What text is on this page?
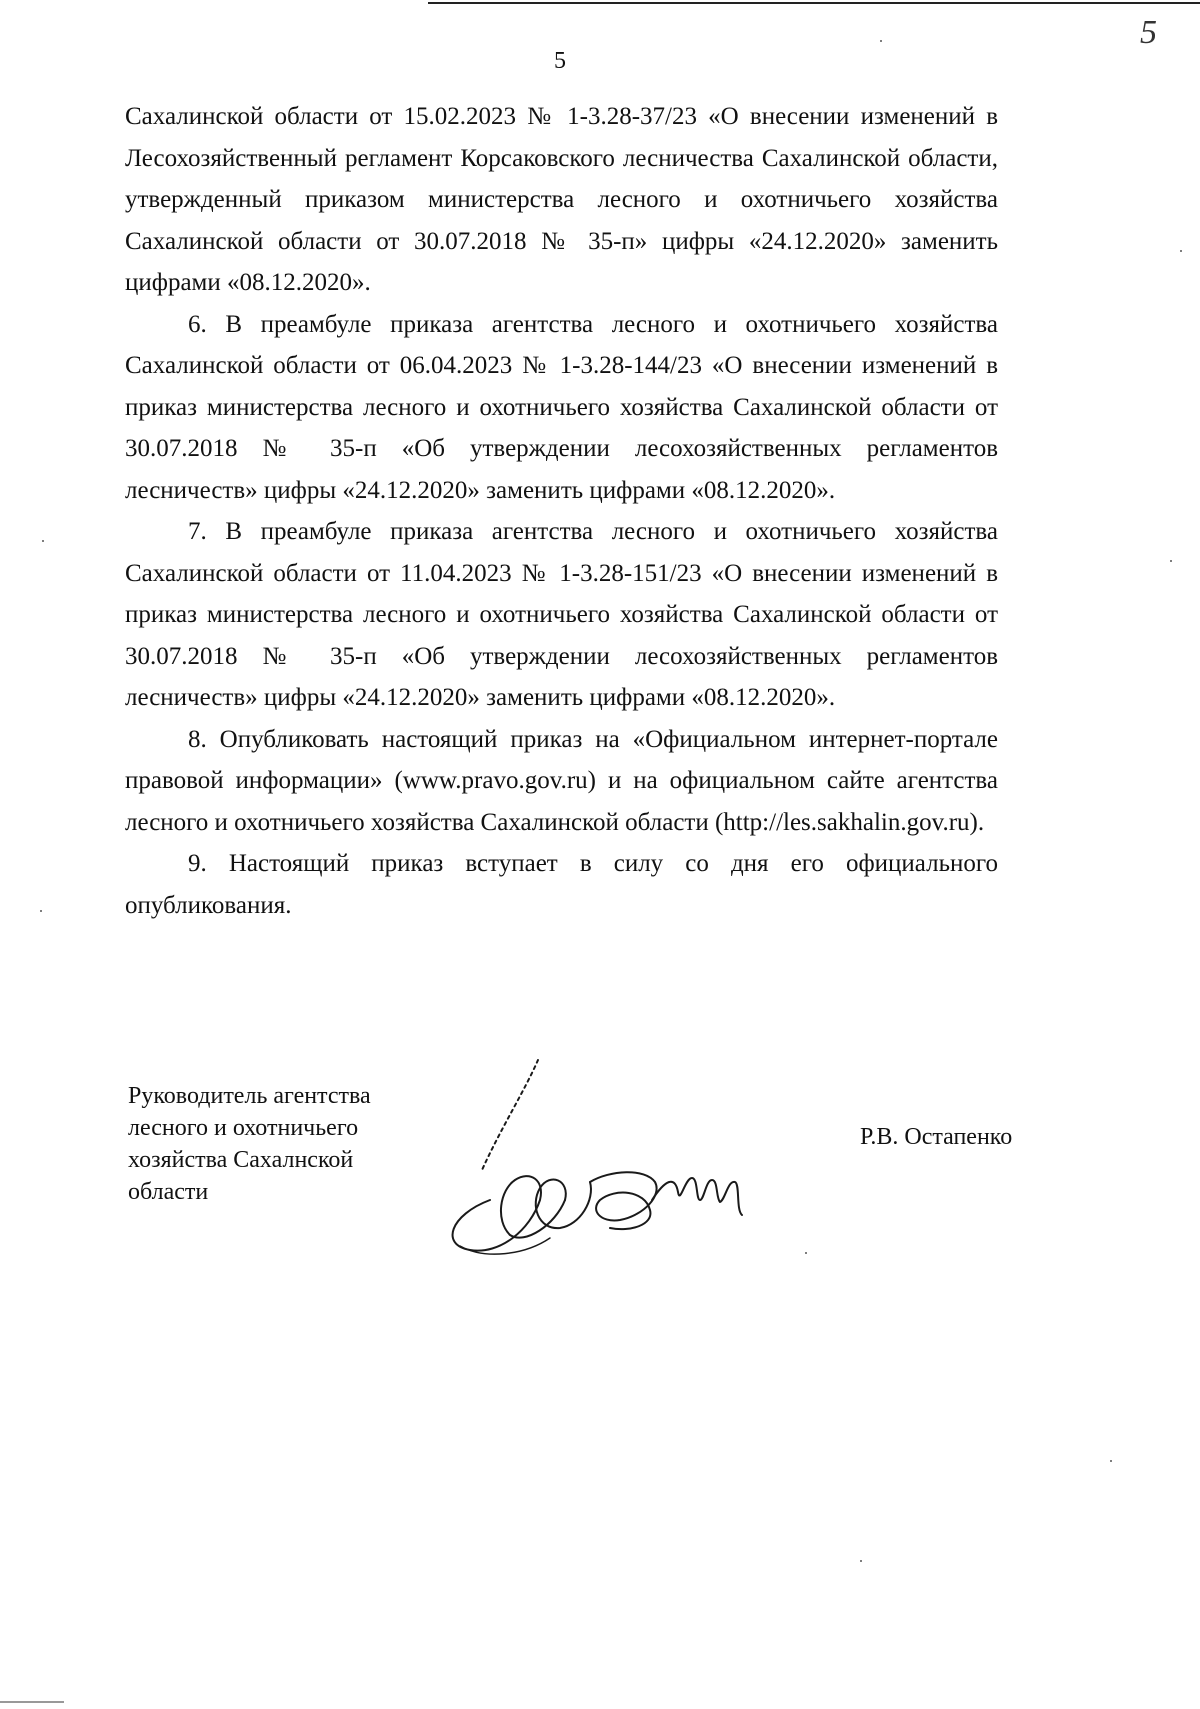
5
5

Сахалинской области от 15.02.2023 № 1-3.28-37/23 «О внесении изменений в Лесохозяйственный регламент Корсаковского лесничества Сахалинской области, утвержденный приказом министерства лесного и охотничьего хозяйства Сахалинской области от 30.07.2018 № 35-п» цифры «24.12.2020» заменить цифрами «08.12.2020».

6. В преамбуле приказа агентства лесного и охотничьего хозяйства Сахалинской области от 06.04.2023 № 1-3.28-144/23 «О внесении изменений в приказ министерства лесного и охотничьего хозяйства Сахалинской области от 30.07.2018 № 35-п «Об утверждении лесохозяйственных регламентов лесничеств» цифры «24.12.2020» заменить цифрами «08.12.2020».

7. В преамбуле приказа агентства лесного и охотничьего хозяйства Сахалинской области от 11.04.2023 № 1-3.28-151/23 «О внесении изменений в приказ министерства лесного и охотничьего хозяйства Сахалинской области от 30.07.2018 № 35-п «Об утверждении лесохозяйственных регламентов лесничеств» цифры «24.12.2020» заменить цифрами «08.12.2020».

8. Опубликовать настоящий приказ на «Официальном интернет-портале правовой информации» (www.pravo.gov.ru) и на официальном сайте агентства лесного и охотничьего хозяйства Сахалинской области (http://les.sakhalin.gov.ru).

9. Настоящий приказ вступает в силу со дня его официального опубликования.

Руководитель агентства
лесного и охотничьего
хозяйства Сахалнской
области
Р.В. Остапенко
